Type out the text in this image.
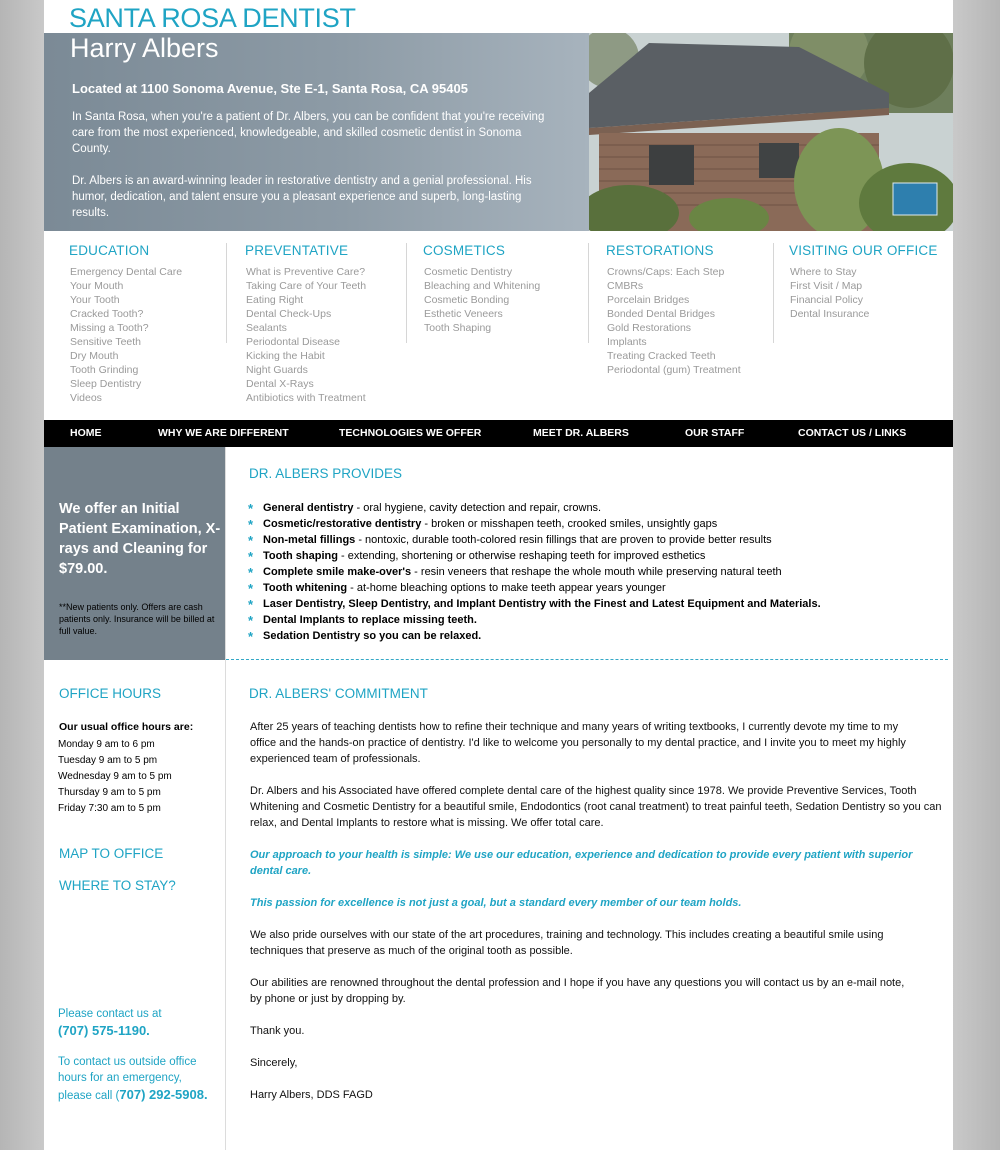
SANTA ROSA DENTIST
Harry Albers
Located at 1100 Sonoma Avenue, Ste E-1, Santa Rosa, CA 95405
In Santa Rosa, when you're a patient of Dr. Albers, you can be confident that you're receiving care from the most experienced, knowledgeable, and skilled cosmetic dentist in Sonoma County.
Dr. Albers is an award-winning leader in restorative dentistry and a genial professional. His humor, dedication, and talent ensure you a pleasant experience and superb, long-lasting results.
EDUCATION
Emergency Dental Care
Your Mouth
Your Tooth
Cracked Tooth?
Missing a Tooth?
Sensitive Teeth
Dry Mouth
Tooth Grinding
Sleep Dentistry
Videos
PREVENTATIVE
What is Preventive Care?
Taking Care of Your Teeth
Eating Right
Dental Check-Ups
Sealants
Periodontal Disease
Kicking the Habit
Night Guards
Dental X-Rays
Antibiotics with Treatment
COSMETICS
Cosmetic Dentistry
Bleaching and Whitening
Cosmetic Bonding
Esthetic Veneers
Tooth Shaping
RESTORATIONS
Crowns/Caps: Each Step
CMBRs
Porcelain Bridges
Bonded Dental Bridges
Gold Restorations
Implants
Treating Cracked Teeth
Periodontal (gum) Treatment
VISITING OUR OFFICE
Where to Stay
First Visit / Map
Financial Policy
Dental Insurance
HOME	WHY WE ARE DIFFERENT	TECHNOLOGIES WE OFFER	MEET DR. ALBERS	OUR STAFF	CONTACT US / LINKS
We offer an Initial Patient Examination, X-rays and Cleaning for $79.00.
**New patients only. Offers are cash patients only. Insurance will be billed at full value.
OFFICE HOURS
Our usual office hours are:
Monday 9 am to 6 pm
Tuesday 9 am to 5 pm
Wednesday 9 am to 5 pm
Thursday 9 am to 5 pm
Friday 7:30 am to 5 pm
MAP TO OFFICE
WHERE TO STAY?
Please contact us at
(707) 575-1190.
To contact us outside office
hours for an emergency,
please call (707) 292-5908.
DR. ALBERS PROVIDES
* General dentistry - oral hygiene, cavity detection and repair, crowns.
* Cosmetic/restorative dentistry - broken or misshapen teeth, crooked smiles, unsightly gaps
* Non-metal fillings - nontoxic, durable tooth-colored resin fillings that are proven to provide better results
* Tooth shaping - extending, shortening or otherwise reshaping teeth for improved esthetics
* Complete smile make-over's - resin veneers that reshape the whole mouth while preserving natural teeth
* Tooth whitening - at-home bleaching options to make teeth appear years younger
* Laser Dentistry, Sleep Dentistry, and Implant Dentistry with the Finest and Latest Equipment and Materials.
* Dental Implants to replace missing teeth.
* Sedation Dentistry so you can be relaxed.
DR. ALBERS' COMMITMENT
After 25 years of teaching dentists how to refine their technique and many years of writing textbooks, I currently devote my time to my office and the hands-on practice of dentistry. I'd like to welcome you personally to my dental practice, and I invite you to meet my highly experienced team of professionals.
Dr. Albers and his Associated have offered complete dental care of the highest quality since 1978. We provide Preventive Services, Tooth Whitening and Cosmetic Dentistry for a beautiful smile, Endodontics (root canal treatment) to treat painful teeth, Sedation Dentistry so you can relax, and Dental Implants to restore what is missing. We offer total care.
Our approach to your health is simple: We use our education, experience and dedication to provide every patient with superior dental care.
This passion for excellence is not just a goal, but a standard every member of our team holds.
We also pride ourselves with our state of the art procedures, training and technology. This includes creating a beautiful smile using techniques that preserve as much of the original tooth as possible.
Our abilities are renowned throughout the dental profession and I hope if you have any questions you will contact us by an e-mail note, by phone or just by dropping by.
Thank you.
Sincerely,
Harry Albers, DDS FAGD
